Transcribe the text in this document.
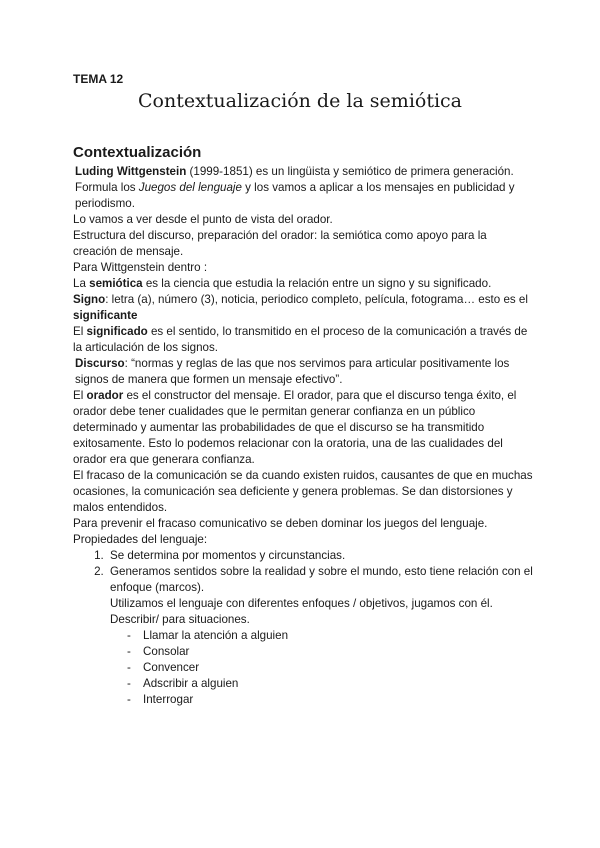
TEMA 12
Contextualización de la semiótica
Contextualización

Luding Wittgenstein (1999-1851) es un lingüista y semiótico de primera generación. Formula los Juegos del lenguaje y los vamos a aplicar a los mensajes en publicidad y periodismo.

Lo vamos a ver desde el punto de vista del orador.

Estructura del discurso, preparación del orador: la semiótica como apoyo para la creación de mensaje.

Para Wittgenstein dentro :

La semiótica es la ciencia que estudia la relación entre un signo y su significado.

Signo: letra (a), número (3), noticia, periodico completo, película, fotograma… esto es el significante

El significado es el sentido, lo transmitido en el proceso de la comunicación a través de la articulación de los signos.

Discurso: “normas y reglas de las que nos servimos para articular positivamente los signos de manera que formen un mensaje efectivo”.

El orador es el constructor del mensaje. El orador, para que el discurso tenga éxito, el orador debe tener cualidades que le permitan generar confianza en un público determinado y aumentar las probabilidades de que el discurso se ha transmitido exitosamente. Esto lo podemos relacionar con la oratoria, una de las cualidades del orador era que generara confianza.

El fracaso de la comunicación se da cuando existen ruidos, causantes de que en muchas ocasiones, la comunicación sea deficiente y genera problemas. Se dan distorsiones y malos entendidos.

Para prevenir el fracaso comunicativo se deben dominar los juegos del lenguaje.

Propiedades del lenguaje:

1. Se determina por momentos y circunstancias.
2. Generamos sentidos sobre la realidad y sobre el mundo, esto tiene relación con el enfoque (marcos).
Utilizamos el lenguaje con diferentes enfoques / objetivos, jugamos con él. Describir/ para situaciones.
- Llamar la atención a alguien
- Consolar
- Convencer
- Adscribir a alguien
- Interrogar
